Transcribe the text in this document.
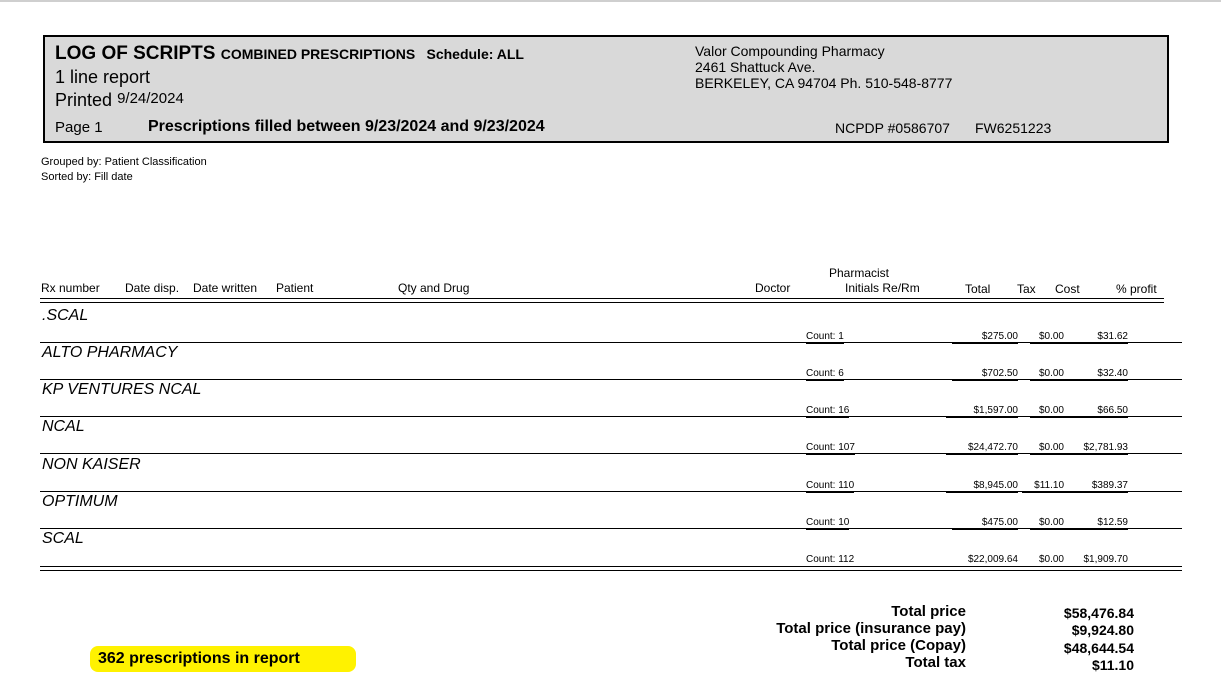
LOG OF SCRIPTS COMBINED PRESCRIPTIONS Schedule: ALL
1 line report
Printed 9/24/2024
Page 1	Prescriptions filled between 9/23/2024 and 9/23/2024
Valor Compounding Pharmacy
2461 Shattuck Ave.
BERKELEY, CA 94704 Ph. 510-548-8777
NCPDP #0586707 FW6251223
Grouped by: Patient Classification
Sorted by: Fill date
Rx number Date disp. Date written Patient	Qty and Drug	Doctor
Pharmacist
Initials Re/Rm	Total Tax Cost	% profit
.SCAL
Count: 1	$275.00	$0.00	$31.62
ALTO PHARMACY
Count: 6	$702.50	$0.00	$32.40
KP VENTURES NCAL
Count: 16	$1,597.00	$0.00	$66.50
NCAL
Count: 107	$24,472.70	$0.00	$2,781.93
NON KAISER
Count: 110	$8,945.00	$11.10	$389.37
OPTIMUM
Count: 10	$475.00	$0.00	$12.59
SCAL
Count: 112	$22,009.64	$0.00	$1,909.70
Total price	$58,476.84
Total price (insurance pay)	$9,924.80
Total price (Copay)	$48,644.54
Total tax	$11.10
362 prescriptions in report
